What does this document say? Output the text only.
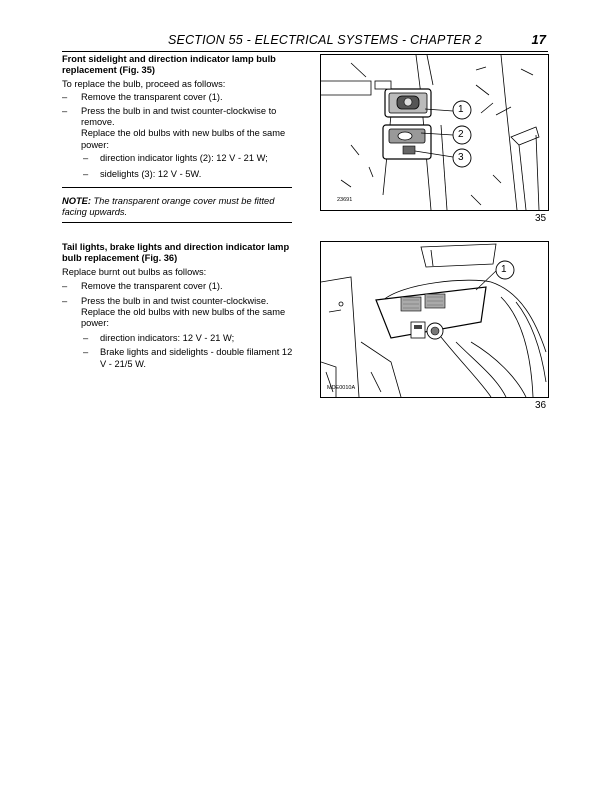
SECTION 55 - ELECTRICAL SYSTEMS - CHAPTER 2	17

Front sidelight and direction indicator lamp bulb replacement (Fig. 35)

To replace the bulb, proceed as follows:

– Remove the transparent cover (1).
– Press the bulb in and twist counter-clockwise to remove.
Replace the old bulbs with new bulbs of the same power:
– direction indicator lights (2): 12 V - 21 W;
– sidelights (3): 12 V - 5W.
NOTE: The transparent orange cover must be fitted facing upwards.

Tail lights, brake lights and direction indicator lamp bulb replacement (Fig. 36)

Replace burnt out bulbs as follows:

– Remove the transparent cover (1).
– Press the bulb in and twist counter-clockwise.
Replace the old bulbs with new bulbs of the same power:
– direction indicators: 12 V - 21 W;
– Brake lights and sidelights - double filament 12 V - 21/5 W.
1
2
3
23691
35
1
MDE0010A
36
